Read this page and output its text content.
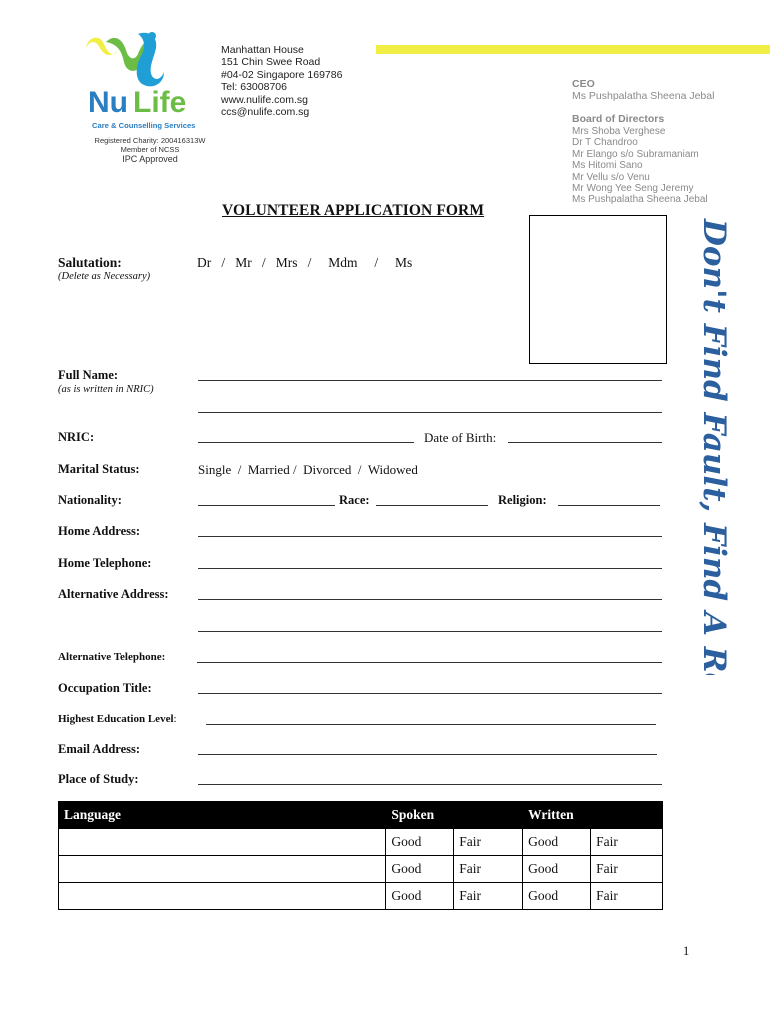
Nu Life
Care & Counselling Services
Registered Charity: 200416313W
Member of NCSS
IPC Approved
Manhattan House
151 Chin Swee Road
#04-02 Singapore 169786
Tel: 63008706
www.nulife.com.sg
ccs@nulife.com.sg
CEO
Ms Pushpalatha Sheena Jebal
Board of Directors
Mrs Shoba Verghese
Dr T Chandroo
Mr Elango s/o Subramaniam
Ms Hitomi Sano
Mr Vellu s/o Venu
Mr Wong Yee Seng Jeremy
Ms Pushpalatha Sheena Jebal
VOLUNTEER APPLICATION FORM
Don't Find Fault, Find A Remedy
Salutation:
(Delete as Necessary)
Dr   /   Mr   /   Mrs   /     Mdm     /     Ms
Full Name:
(as is written in NRIC)
NRIC:	Date of Birth:
Marital Status:	Single  /  Married /  Divorced  /  Widowed
Nationality:	Race:	Religion:
Home Address:
Home Telephone:
Alternative Address:
Alternative Telephone:
Occupation Title:
Highest Education Level:
Email Address:
Place of Study:
Language	Spoken		Written	
	Good	Fair	Good	Fair
	Good	Fair	Good	Fair
	Good	Fair	Good	Fair
1
